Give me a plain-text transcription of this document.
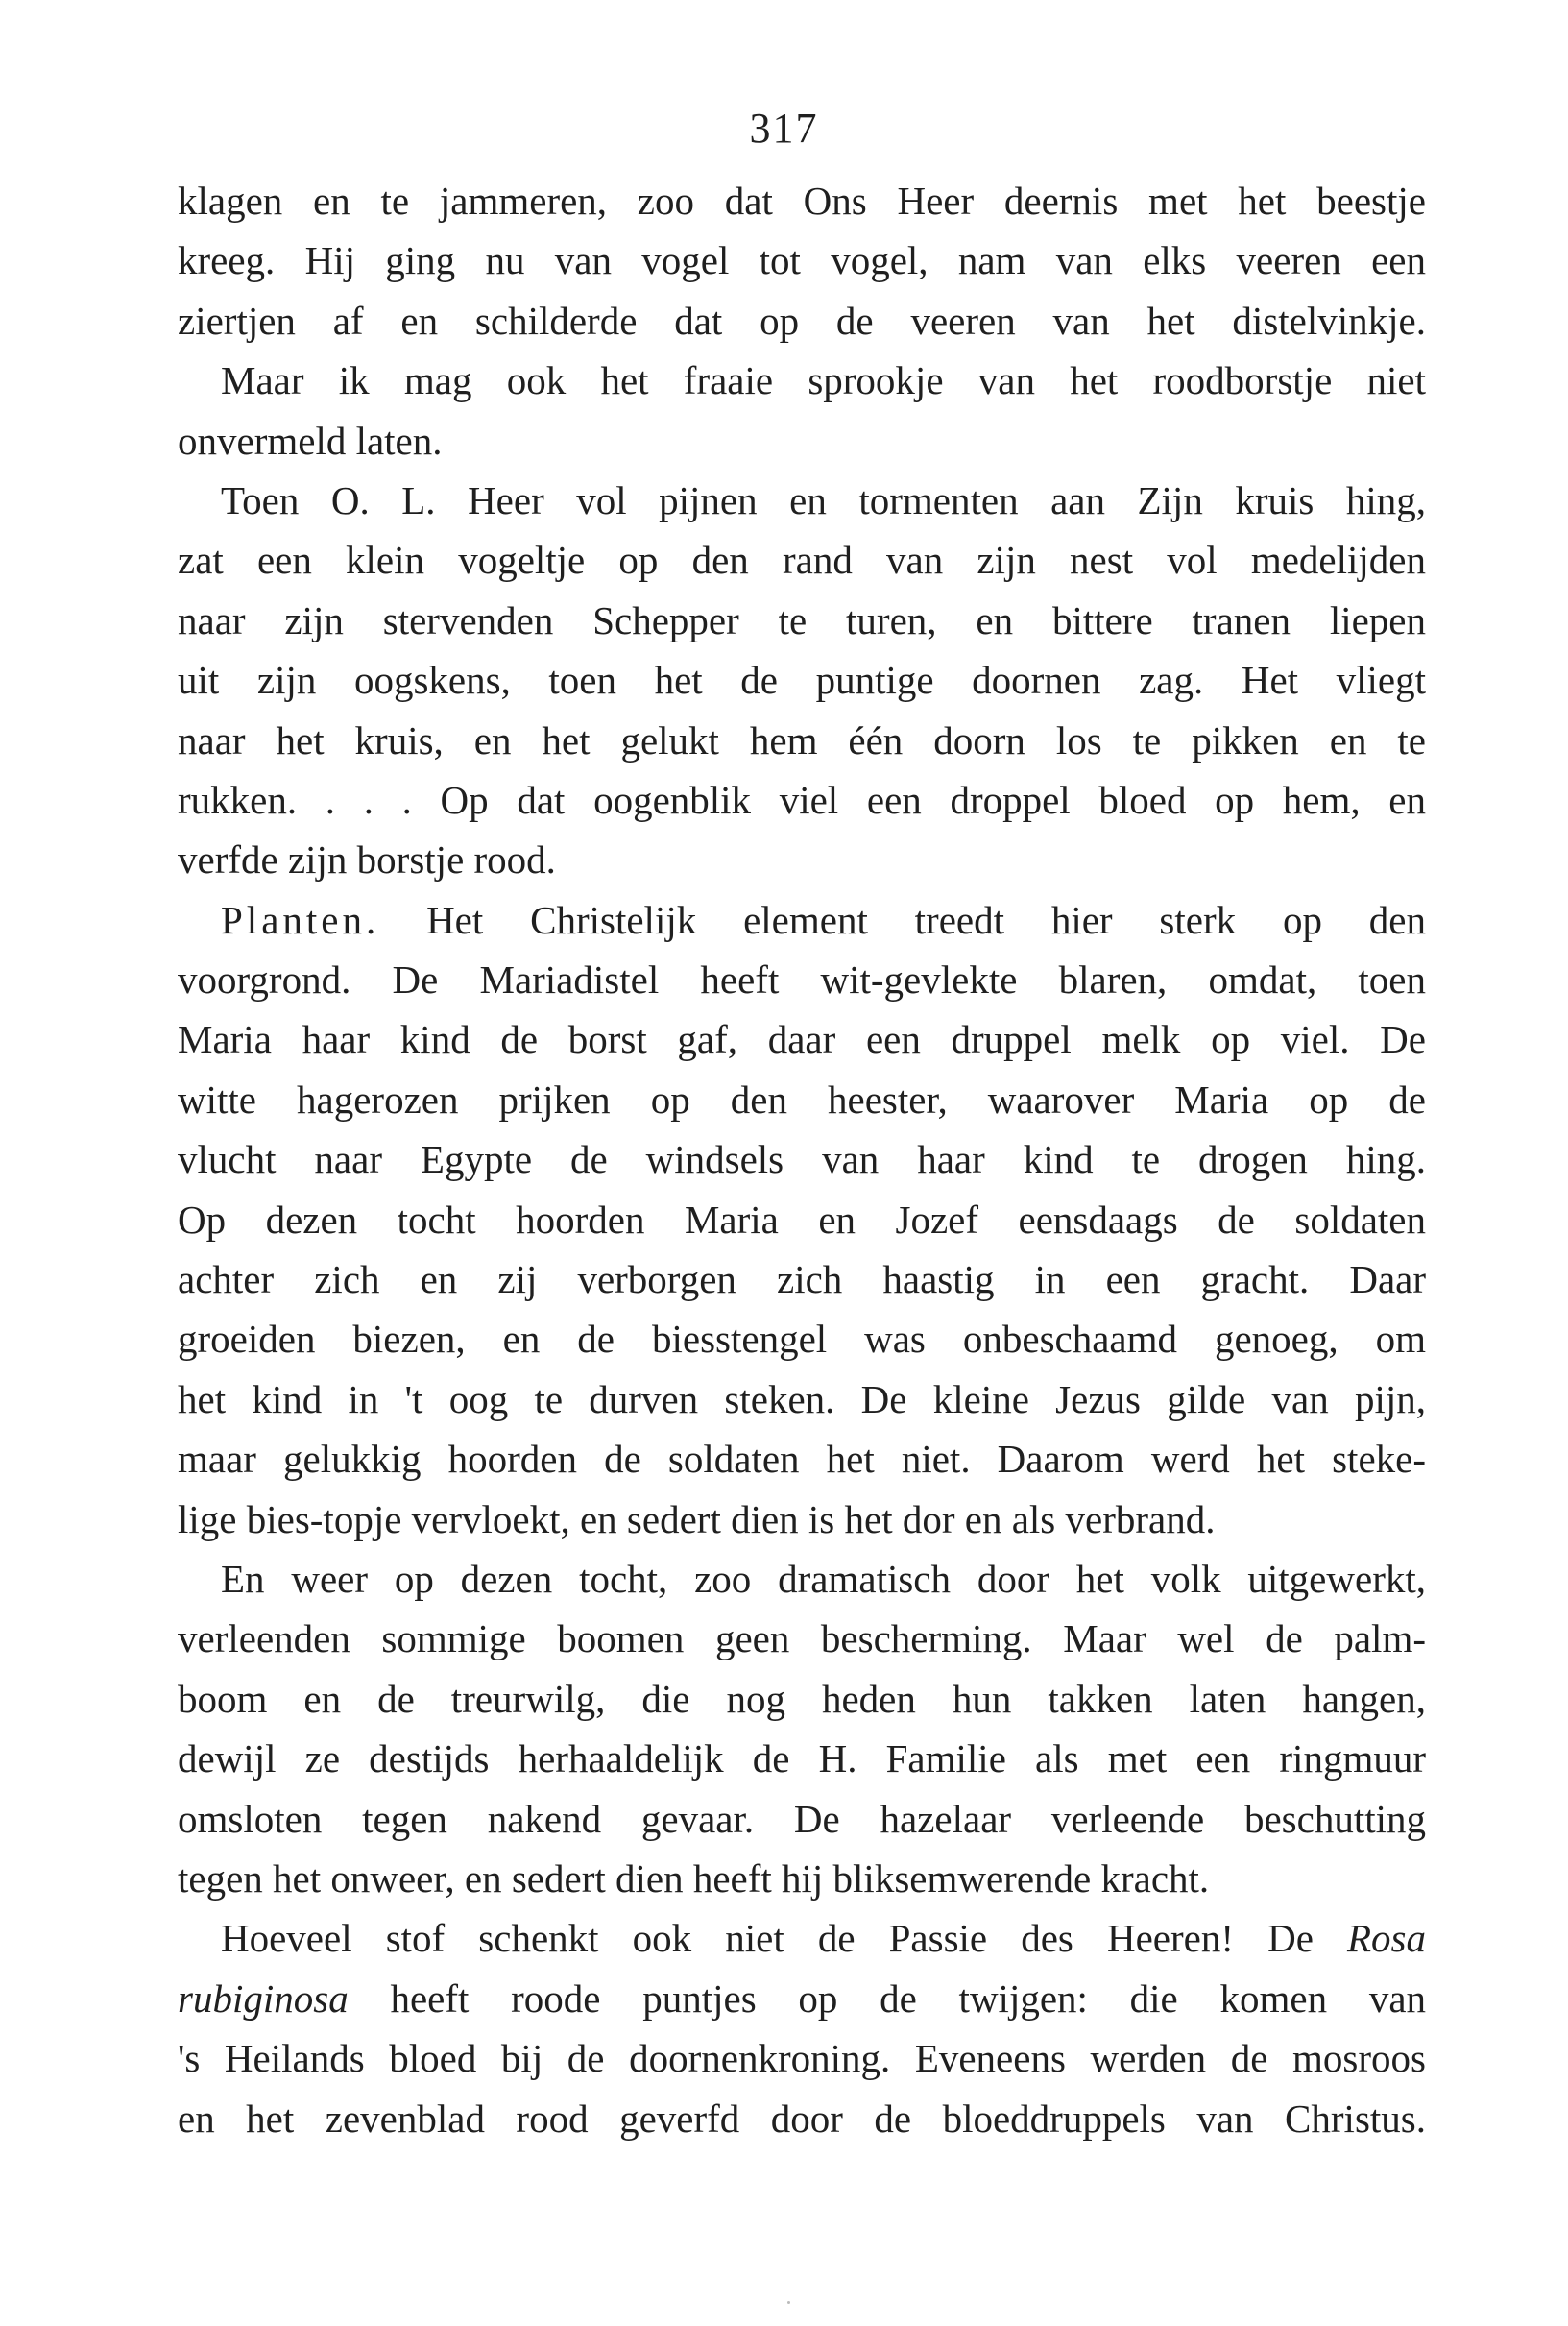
317

klagen en te jammeren, zoo dat Ons Heer deernis met het beestje
kreeg. Hij ging nu van vogel tot vogel, nam van elks veeren een
ziertjen af en schilderde dat op de veeren van het distelvinkje.

Maar ik mag ook het fraaie sprookje van het roodborstje niet
onvermeld laten.

Toen O. L. Heer vol pijnen en tormenten aan Zijn kruis hing,
zat een klein vogeltje op den rand van zijn nest vol medelijden
naar zijn stervenden Schepper te turen, en bittere tranen liepen
uit zijn oogskens, toen het de puntige doornen zag. Het vliegt
naar het kruis, en het gelukt hem één doorn los te pikken en te
rukken. . . . Op dat oogenblik viel een droppel bloed op hem, en
verfde zijn borstje rood.

Planten. Het Christelijk element treedt hier sterk op den
voorgrond. De Mariadistel heeft wit-gevlekte blaren, omdat, toen
Maria haar kind de borst gaf, daar een druppel melk op viel. De
witte hagerozen prijken op den heester, waarover Maria op de
vlucht naar Egypte de windsels van haar kind te drogen hing.
Op dezen tocht hoorden Maria en Jozef eensdaags de soldaten
achter zich en zij verborgen zich haastig in een gracht. Daar
groeiden biezen, en de biesstengel was onbeschaamd genoeg, om
het kind in 't oog te durven steken. De kleine Jezus gilde van pijn,
maar gelukkig hoorden de soldaten het niet. Daarom werd het steke-
lige bies-topje vervloekt, en sedert dien is het dor en als verbrand.

En weer op dezen tocht, zoo dramatisch door het volk uitgewerkt,
verleenden sommige boomen geen bescherming. Maar wel de palm-
boom en de treurwilg, die nog heden hun takken laten hangen,
dewijl ze destijds herhaaldelijk de H. Familie als met een ringmuur
omsloten tegen nakend gevaar. De hazelaar verleende beschutting
tegen het onweer, en sedert dien heeft hij bliksemwerende kracht.

Hoeveel stof schenkt ook niet de Passie des Heeren! De Rosa
rubiginosa heeft roode puntjes op de twijgen: die komen van
's Heilands bloed bij de doornenkroning. Eveneens werden de mosroos
en het zevenblad rood geverfd door de bloeddruppels van Christus.
